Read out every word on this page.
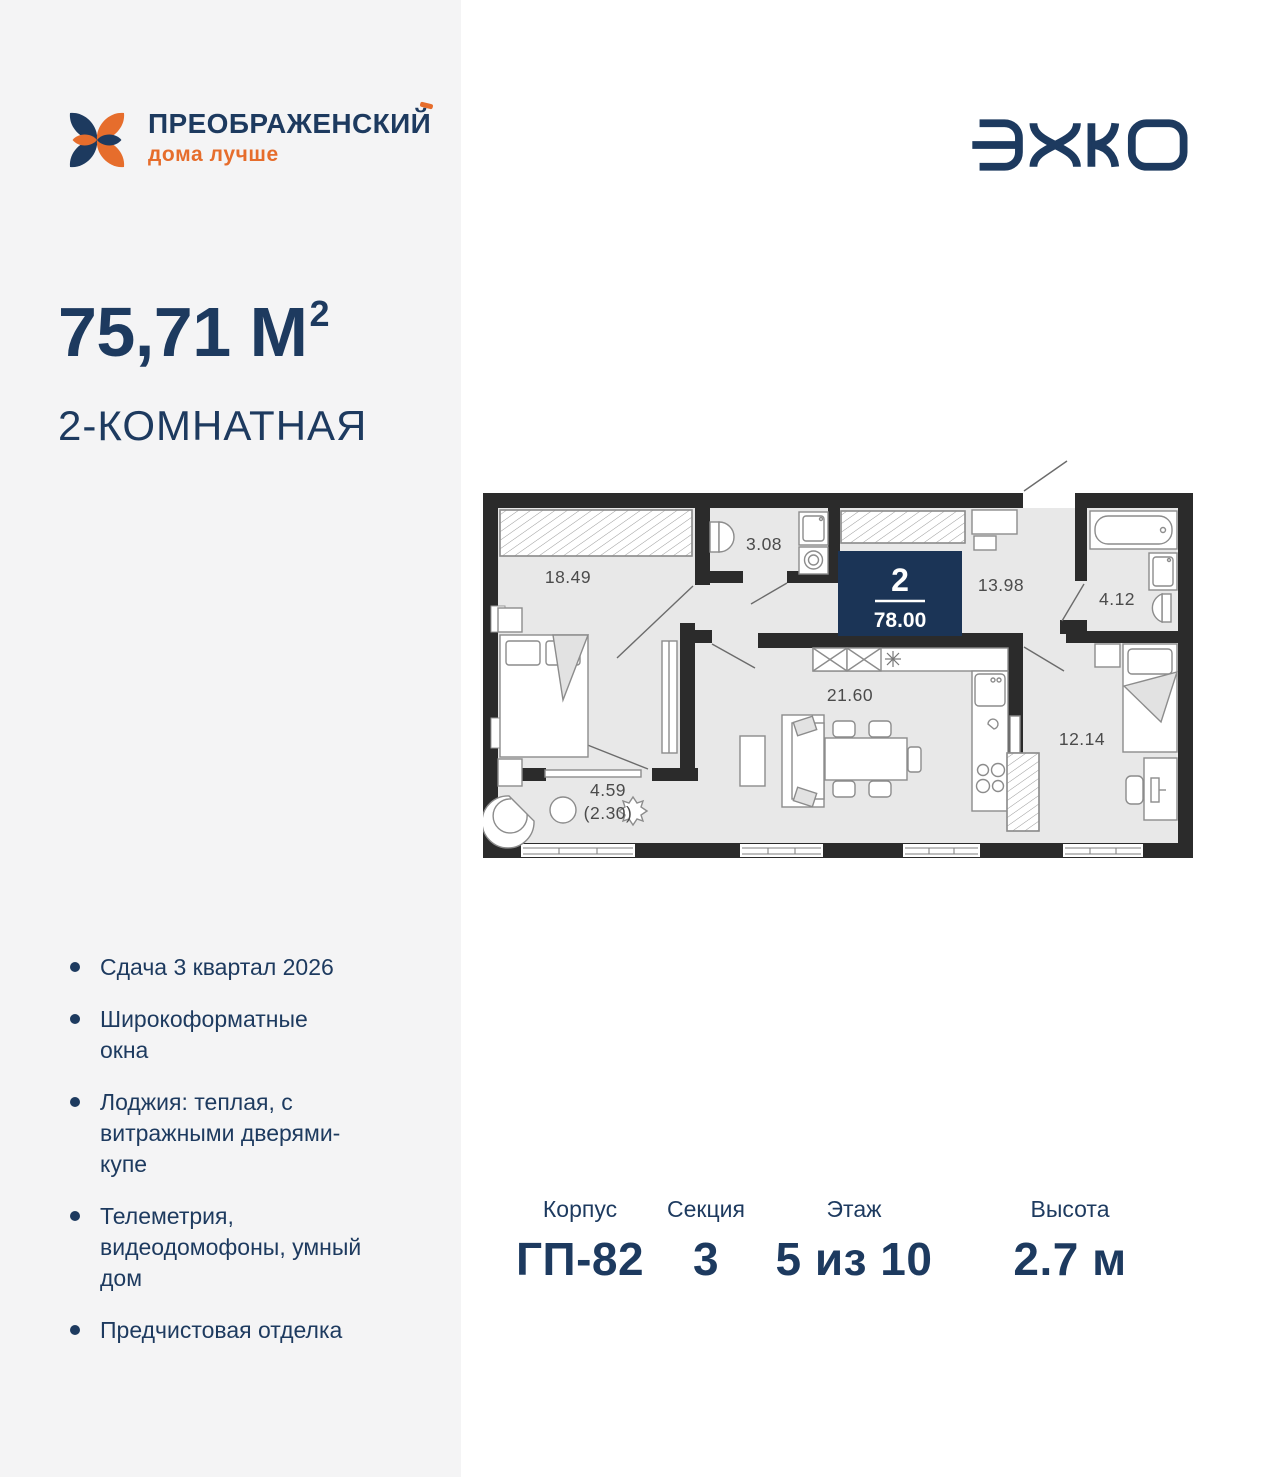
ПРЕОБРАЖЕНСКИЙ
дома лучше
75,71 $М^2$
2-КОМНАТНАЯ
Сдача 3 квартал 2026
Широкоформатные окна
Лоджия: теплая, с витражными дверями-купе
Телеметрия, видеодомофоны, умный дом
Предчистовая отделка
2
78.00
18.49
3.08
13.98
4.12
21.60
12.14
4.59
(2.30)
Корпус
ГП-82
Секция
3
Этаж
5 из 10
Высота
2.7 м
